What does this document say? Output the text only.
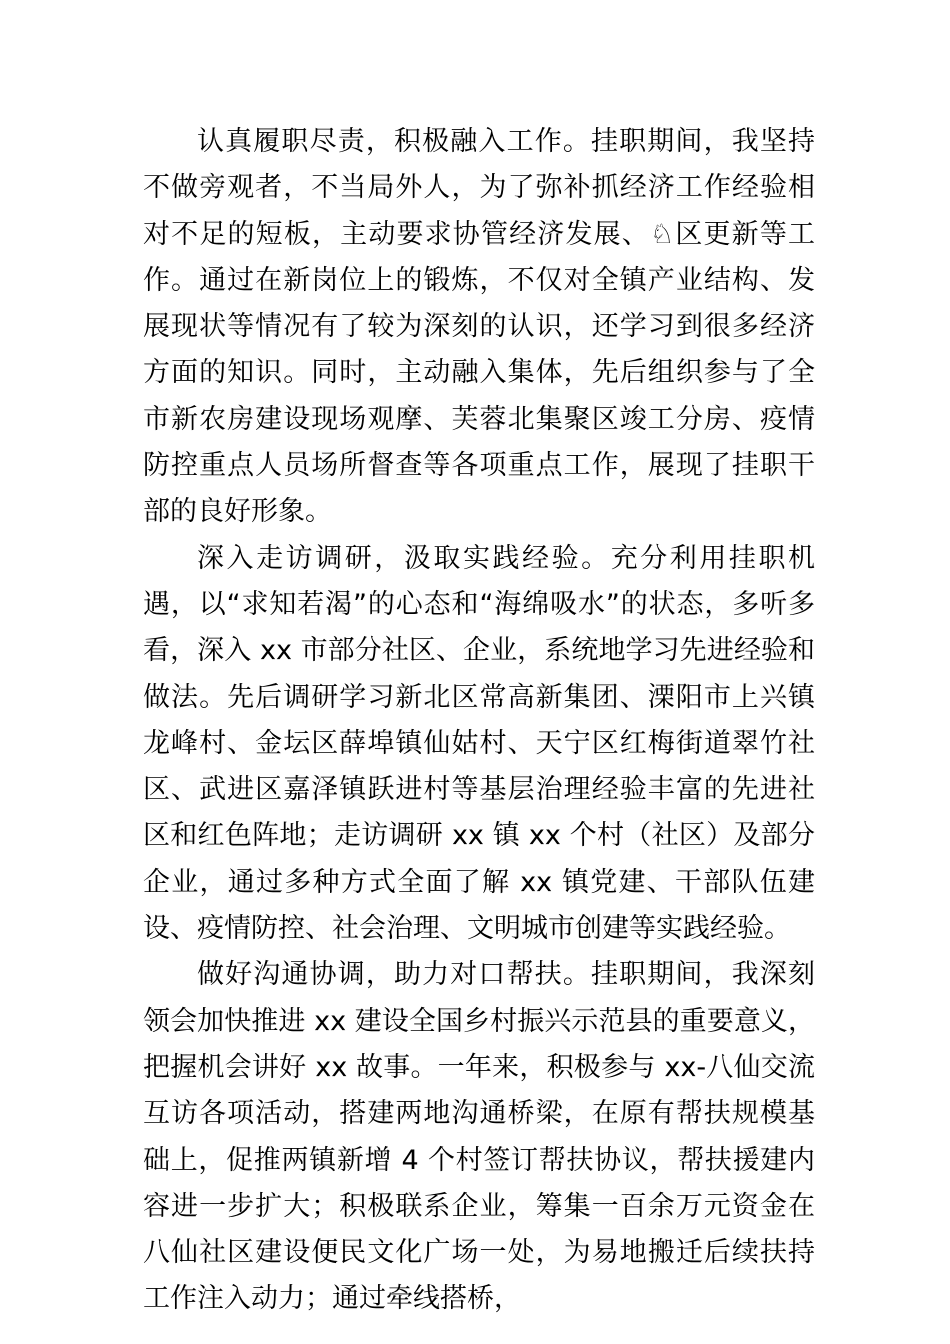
认真履职尽责，积极融入工作。挂职期间，我坚持不做旁观者，不当局外人，为了弥补抓经济工作经验相对不足的短板，主动要求协管经济发展、♘区更新等工作。通过在新岗位上的锻炼，不仅对全镇产业结构、发展现状等情况有了较为深刻的认识，还学习到很多经济方面的知识。同时，主动融入集体，先后组织参与了全市新农房建设现场观摩、芙蓉北集聚区竣工分房、疫情防控重点人员场所督查等各项重点工作，展现了挂职干部的良好形象。

深入走访调研，汲取实践经验。充分利用挂职机遇，以“求知若渴”的心态和“海绵吸水”的状态，多听多看，深入 xx 市部分社区、企业，系统地学习先进经验和做法。先后调研学习新北区常高新集团、溧阳市上兴镇龙峰村、金坛区薛埠镇仙姑村、天宁区红梅街道翠竹社区、武进区嘉泽镇跃进村等基层治理经验丰富的先进社区和红色阵地；走访调研 xx 镇 xx 个村（社区）及部分企业，通过多种方式全面了解 xx 镇党建、干部队伍建设、疫情防控、社会治理、文明城市创建等实践经验。

做好沟通协调，助力对口帮扶。挂职期间，我深刻领会加快推进 xx 建设全国乡村振兴示范县的重要意义，把握机会讲好 xx 故事。一年来，积极参与 xx-八仙交流互访各项活动，搭建两地沟通桥梁，在原有帮扶规模基础上，促推两镇新增 4 个村签订帮扶协议，帮扶援建内容进一步扩大；积极联系企业，筹集一百余万元资金在八仙社区建设便民文化广场一处，为易地搬迁后续扶持工作注入动力；通过牵线搭桥，
